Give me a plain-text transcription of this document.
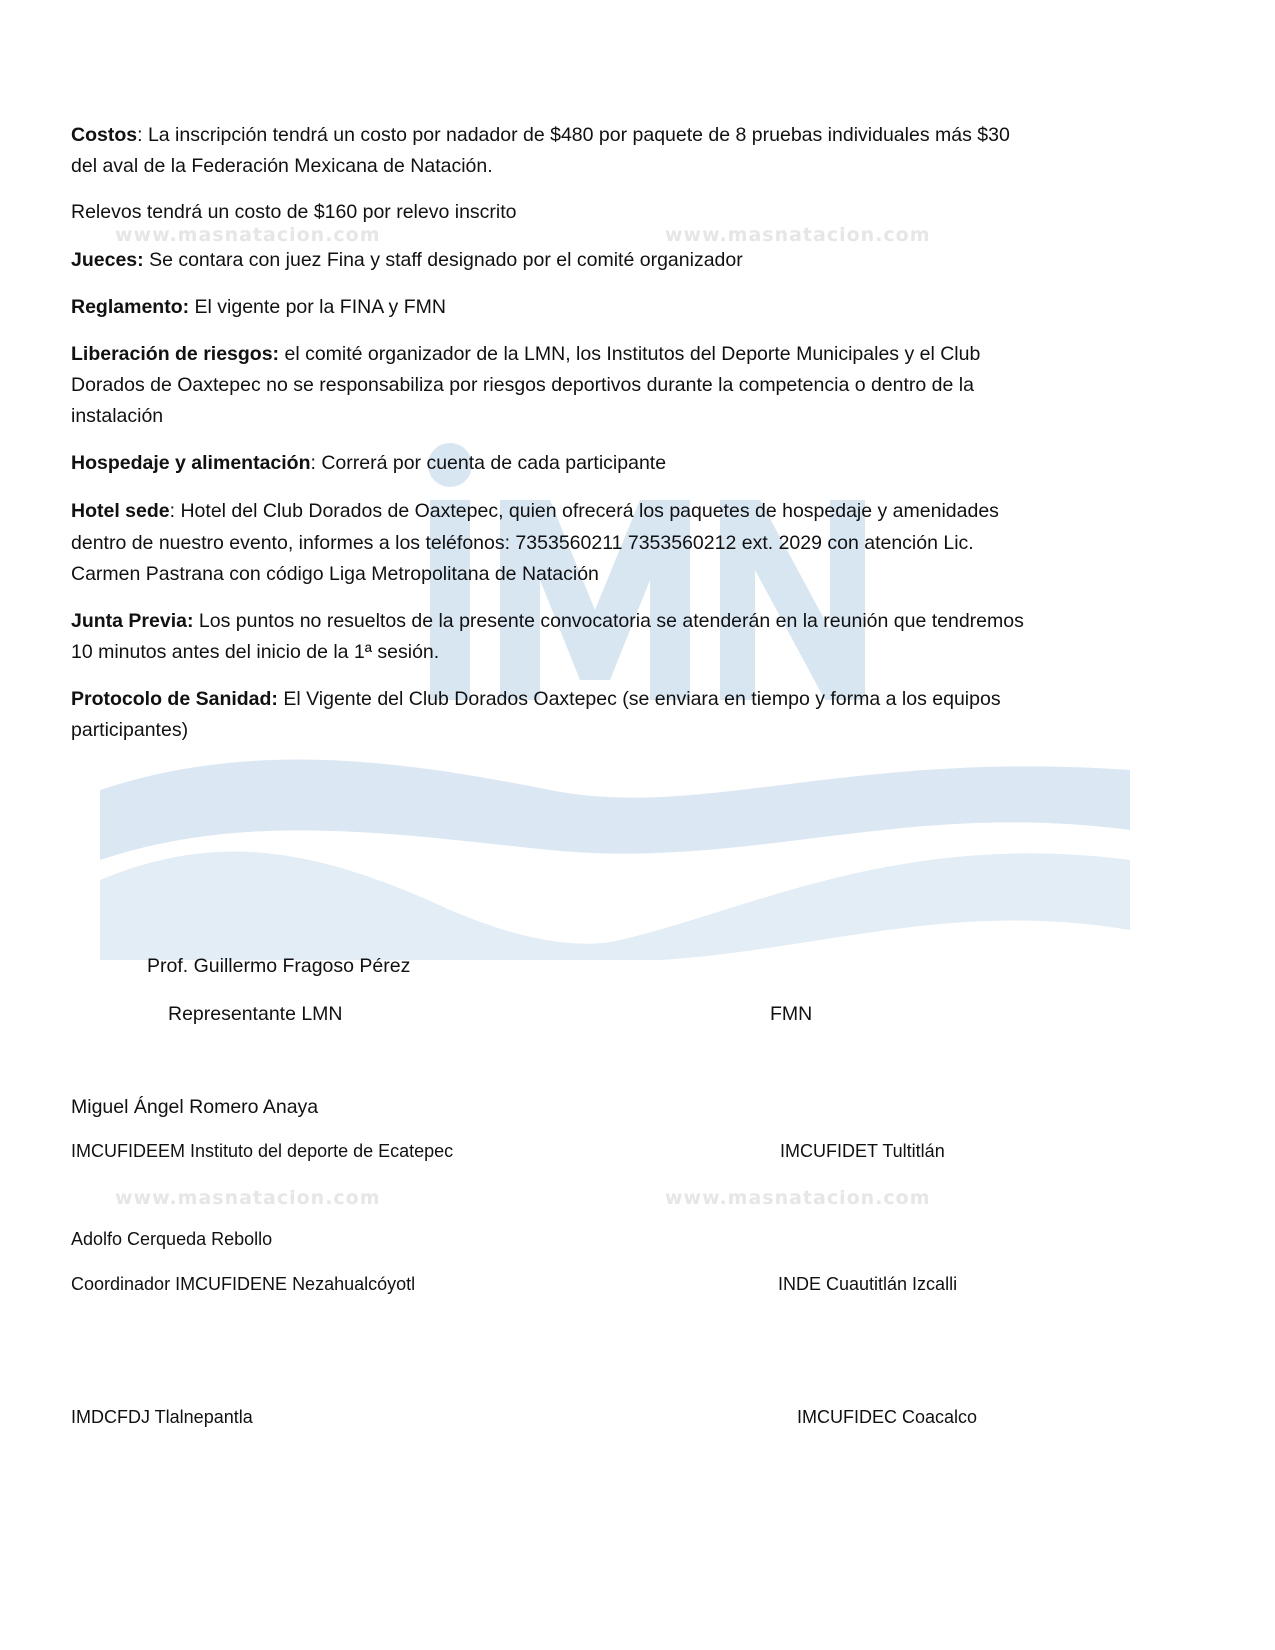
www.masnatacion.com	www.masnatacion.com
www.masnatacion.com	www.masnatacion.com
Costos: La inscripción tendrá un costo por nadador de $480 por paquete de 8 pruebas individuales más $30
del aval de la Federación Mexicana de Natación.
Relevos tendrá un costo de $160 por relevo inscrito
Jueces: Se contara con juez Fina y staff designado por el comité organizador
Reglamento: El vigente por la FINA y FMN
Liberación de riesgos: el comité organizador de la LMN, los Institutos del Deporte Municipales y el Club
Dorados de Oaxtepec no se responsabiliza por riesgos deportivos durante la competencia o dentro de la
instalación
Hospedaje y alimentación: Correrá por cuenta de cada participante
Hotel sede: Hotel del Club Dorados de Oaxtepec, quien ofrecerá los paquetes de hospedaje y amenidades
dentro de nuestro evento, informes a los teléfonos: 7353560211 7353560212 ext. 2029 con atención Lic.
Carmen Pastrana con código Liga Metropolitana de Natación
Junta Previa: Los puntos no resueltos de la presente convocatoria se atenderán en la reunión que tendremos
10 minutos antes del inicio de la 1ª sesión.
Protocolo de Sanidad: El Vigente del Club Dorados Oaxtepec (se enviara en tiempo y forma a los equipos
participantes)
Prof. Guillermo Fragoso Pérez
Representante LMN	FMN
Miguel Ángel Romero Anaya
IMCUFIDEEM Instituto del deporte de Ecatepec	IMCUFIDET Tultitlán
Adolfo Cerqueda Rebollo
Coordinador IMCUFIDENE Nezahualcóyotl	INDE Cuautitlán Izcalli
IMDCFDJ Tlalnepantla	IMCUFIDEC Coacalco
